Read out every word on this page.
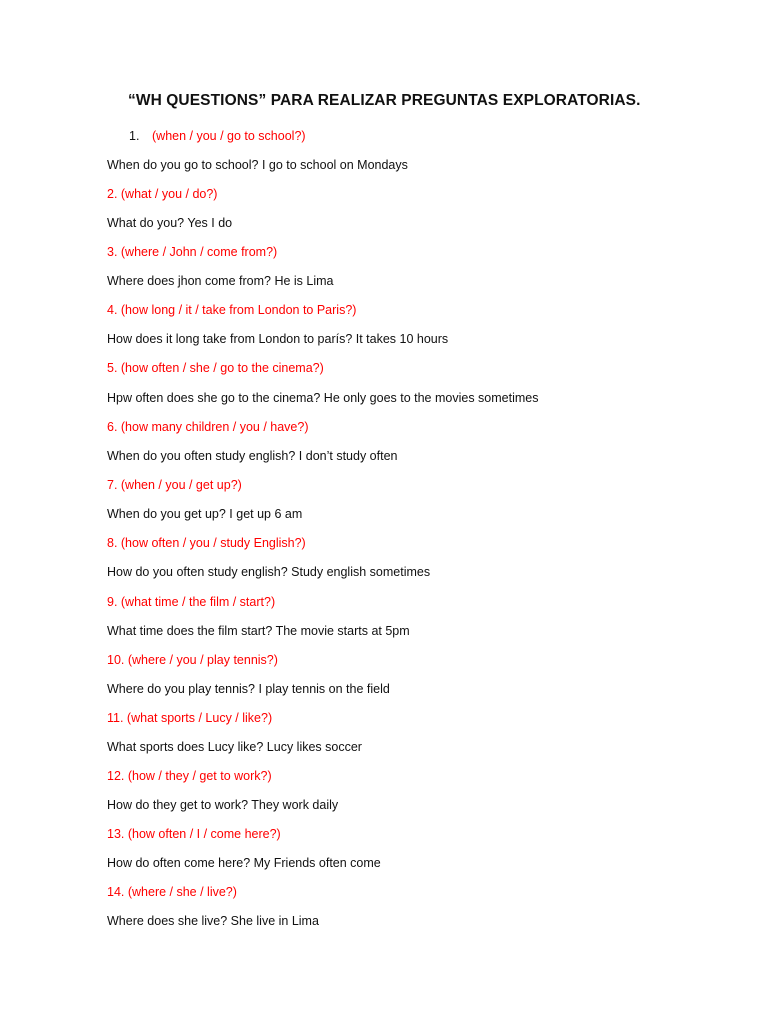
“WH QUESTIONS” PARA REALIZAR PREGUNTAS EXPLORATORIAS.
1. (when / you / go to school?)
When do you go to school? I go to school on Mondays
2. (what / you / do?)
What do you? Yes I do
3. (where / John / come from?)
Where does jhon come from? He is Lima
4. (how long / it / take from London to Paris?)
How does it long take from London to parís? It takes 10 hours
5. (how often / she / go to the cinema?)
Hpw often does she go to the cinema? He only goes to the movies sometimes
6. (how many children / you / have?)
When do you often study english? I don’t study often
7. (when / you / get up?)
When do you get up? I get up 6 am
8. (how often / you / study English?)
How do you often study english? Study english sometimes
9. (what time / the film / start?)
What time does the film start? The movie starts at 5pm
10. (where / you / play tennis?)
Where do you play tennis? I play tennis on the field
11. (what sports / Lucy / like?)
What sports does Lucy like? Lucy likes soccer
12. (how / they / get to work?)
How do they get to work? They work daily
13. (how often / I / come here?)
How do often come here? My Friends often come
14. (where / she / live?)
Where does she live? She live in Lima
